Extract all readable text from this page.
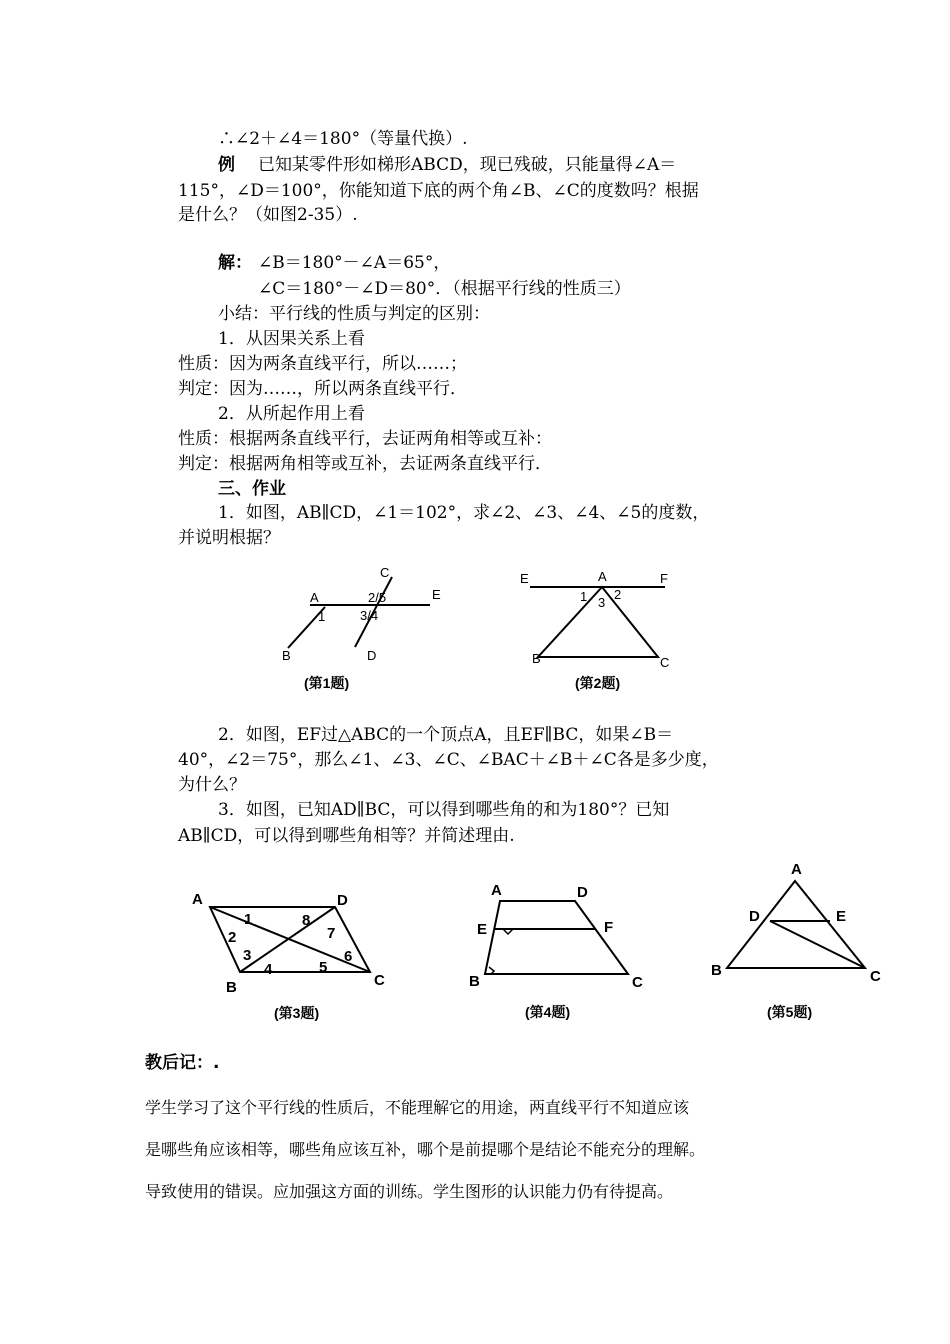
∴∠2＋∠4＝180°（等量代换）.
例 已知某零件形如梯形ABCD，现已残破，只能量得∠A＝
115°，∠D＝100°，你能知道下底的两个角∠B、∠C的度数吗？根据
是什么？（如图2-35）.
解： ∠B＝180°－∠A＝65°，
∠C＝180°－∠D＝80°．（根据平行线的性质三）
小结：平行线的性质与判定的区别：
1．从因果关系上看
性质：因为两条直线平行，所以……；
判定：因为……，所以两条直线平行．
2．从所起作用上看
性质：根据两条直线平行，去证两角相等或互补：
判定：根据两角相等或互补，去证两条直线平行．
三、作业
1．如图，AB∥CD，∠1＝102°，求∠2、∠3、∠4、∠5的度数，
并说明根据？
A
B
C
D
E
1
2/5
3/4
(第1题)
E	A	F
B	C
1 2
3
(第2题)
2．如图，EF过△ABC的一个顶点A，且EF∥BC，如果∠B＝
40°，∠2＝75°，那么∠1、∠3、∠C、∠BAC＋∠B＋∠C各是多少度，
为什么？
3．如图，已知AD∥BC，可以得到哪些角的和为180°？已知
AB∥CD，可以得到哪些角相等？并简述理由.
A	D
B	C
1
2
3
4	5
6
7
8
(第3题)
A	D
E	F
B	C
(第4题)
A
D	E
B	C
(第5题)
教后记：.
学生学习了这个平行线的性质后，不能理解它的用途，两直线平行不知道应该
是哪些角应该相等，哪些角应该互补，哪个是前提哪个是结论不能充分的理解。
导致使用的错误。应加强这方面的训练。学生图形的认识能力仍有待提高。
